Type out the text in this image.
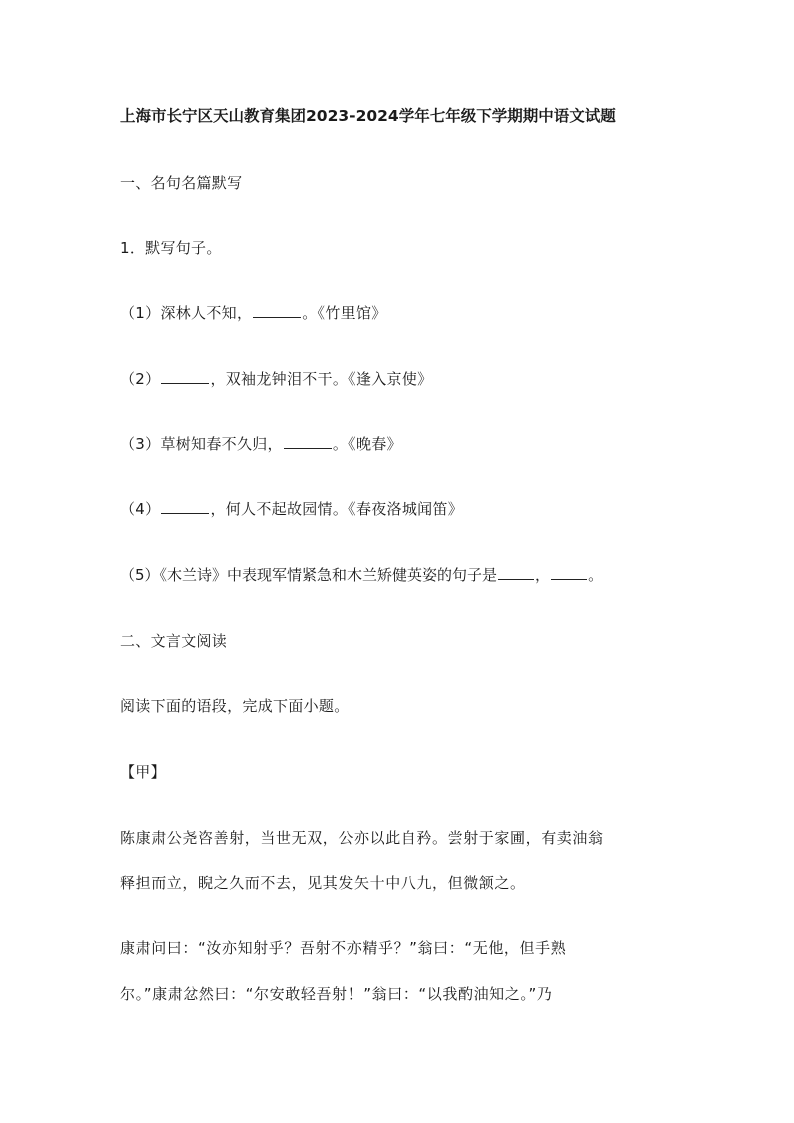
上海市长宁区天山教育集团2023-2024学年七年级下学期期中语文试题
一、名句名篇默写
1．默写句子。
（1）深林人不知，	。《竹里馆》
（2）	，双袖龙钟泪不干。《逢入京使》
（3）草树知春不久归，	。《晚春》
（4）	，何人不起故园情。《春夜洛城闻笛》
（5）《木兰诗》中表现军情紧急和木兰矫健英姿的句子是	，	。
二、文言文阅读
阅读下面的语段，完成下面小题。
【甲】
陈康肃公尧咨善射，当世无双，公亦以此自矜。尝射于家圃，有卖油翁
释担而立，睨之久而不去，见其发矢十中八九，但微颔之。
康肃问曰：“汝亦知射乎？吾射不亦精乎？”翁曰：“无他，但手熟
尔。”康肃忿然曰：“尔安敢轻吾射！”翁曰：“以我酌油知之。”乃
